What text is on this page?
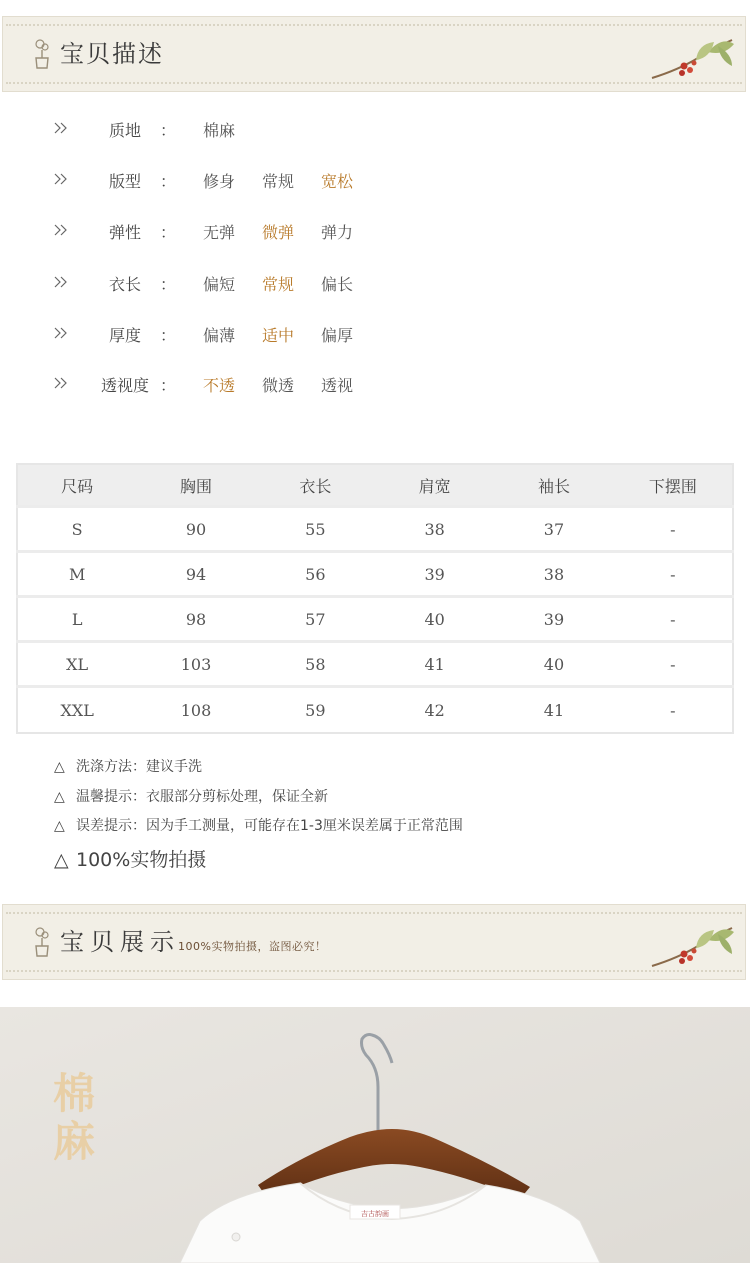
宝贝描述
质地	：	棉麻
版型	：	修身	常规	宽松
弹性	：	无弹	微弹	弹力
衣长	：	偏短	常规	偏长
厚度	：	偏薄	适中	偏厚
透视度 ：	不透	微透	透视
尺码	胸围	衣长	肩宽	袖长	下摆围
S	90	55	38	37	-
M	94	56	39	38	-
L	98	57	40	39	-
XL	103	58	41	40	-
XXL	108	59	42	41	-
△ 洗涤方法：建议手洗
△ 温馨提示：衣服部分剪标处理，保证全新
△ 误差提示：因为手工测量，可能存在1-3厘米误差属于正常范围
△ 100%实物拍摄
宝贝展示
100%实物拍摄，盗图必究！
吉古韵画
棉
麻
